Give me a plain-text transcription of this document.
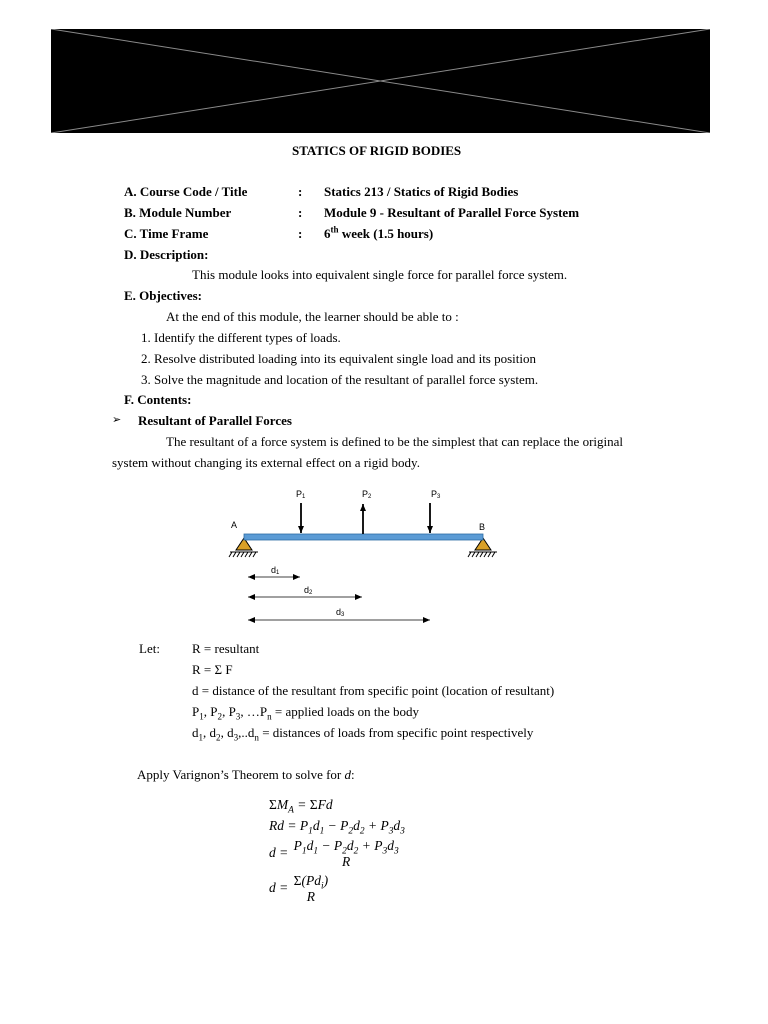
STATICS OF RIGID BODIES
A. Course Code / Title	: Statics 213 / Statics of Rigid Bodies
B. Module Number	: Module 9 - Resultant of Parallel Force System
C. Time Frame	: 6th week (1.5 hours)
D. Description:
This module looks into equivalent single force for parallel force system.
E. Objectives:
At the end of this module, the learner should be able to :
1. Identify the different types of loads.
2. Resolve distributed loading into its equivalent single load and its position
3. Solve the magnitude and location of the resultant of parallel force system.
F. Contents:
➢ Resultant of Parallel Forces
The resultant of a force system is defined to be the simplest that can replace the original
system without changing its external effect on a rigid body.
A	B
P1	P2	P3
d1
d2
d3
Let: R = resultant
R = Σ F
d = distance of the resultant from specific point (location of resultant)
$P_1$, $P_2$, $P_3$, $\dots P_n$ = applied loads on the body
$d_1$, $d_2$, $d_3,..d_n$ = distances of loads from specific point respectively
Apply Varignon’s Theorem to solve for d:
$\Sigma M_A = \Sigma Fd$
$Rd = P_1d_1 - P_2d_2 + P_3d_3$
$d = P_1d_1 - P_2d_2 + P_3d_3$
R
$d = \Sigma(Pd_i)$
R
